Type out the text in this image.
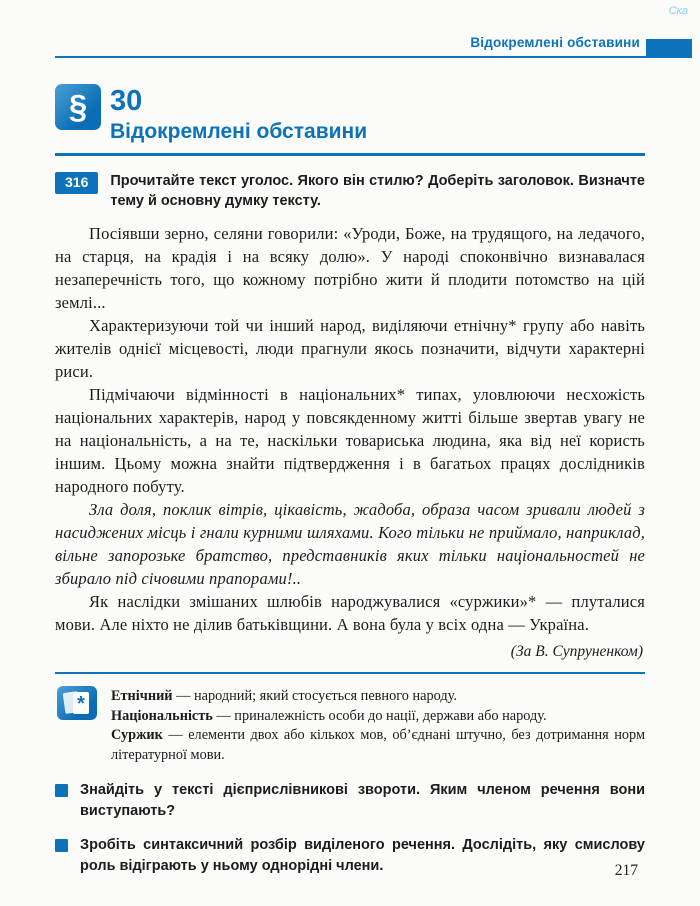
Ска
Відокремлені обставини
§ 30
Відокремлені обставини
316	Прочитайте текст уголос. Якого він стилю? Доберіть заголовок. Визначте тему й основну думку тексту.

Посіявши зерно, селяни говорили: «Уроди, Боже, на трудящого, на ледачого, на старця, на крадія і на всяку долю». У народі споконвічно визнавалася незаперечність того, що кожному потрібно жити й плодити потомство на цій землі...

Характеризуючи той чи інший народ, виділяючи етнічну* групу або навіть жителів однієї місцевості, люди прагнули якось позначити, відчути характерні риси.

Підмічаючи відмінності в національних* типах, уловлюючи несхожість національних характерів, народ у повсякденному житті більше звертав увагу не на національність, а на те, наскільки товариська людина, яка від неї користь іншим. Цьому можна знайти підтвердження і в багатьох працях дослідників народного побуту.

Зла доля, поклик вітрів, цікавість, жадоба, образа часом зривали людей з насиджених місць і гнали курними шляхами. Кого тільки не приймало, наприклад, вільне запорозьке братство, представників яких тільки національностей не збирало під січовими прапорами!..

Як наслідки змішаних шлюбів народжувалися «суржики»* — плуталися мови. Але ніхто не ділив батьківщини. А вона була у всіх одна — Україна.

(За В. Супруненком)
* Етнічний — народний; який стосується певного народу.
Національність — приналежність особи до нації, держави або народу.
Суржик — елементи двох або кількох мов, об’єднані штучно, без дотримання норм літературної мови.
Знайдіть у тексті дієприслівникові звороти. Яким членом речення вони виступають?
Зробіть синтаксичний розбір виділеного речення. Дослідіть, яку смислову роль відіграють у ньому однорідні члени.	217
